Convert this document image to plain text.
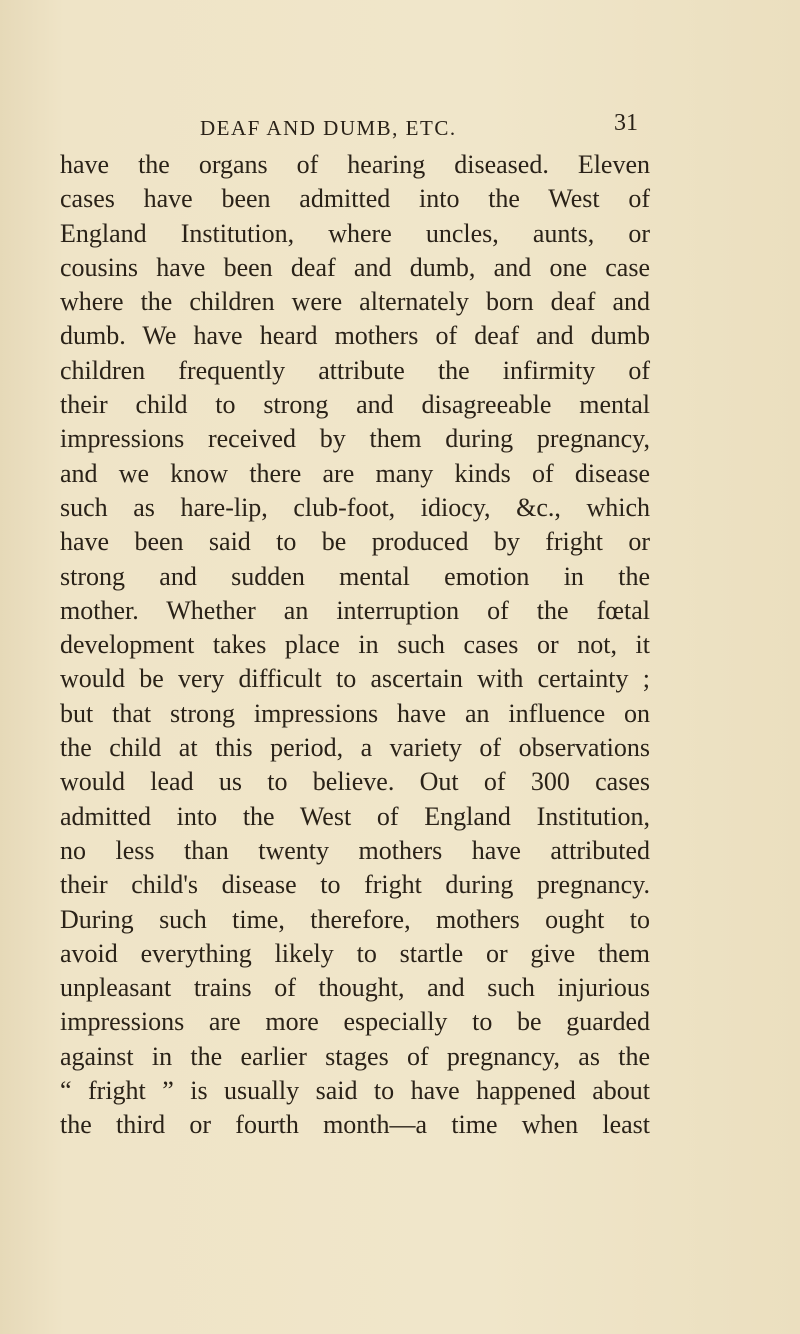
DEAF AND DUMB, ETC.	31
have the organs of hearing diseased. Eleven
cases have been admitted into the West of
England Institution, where uncles, aunts, or
cousins have been deaf and dumb, and one case
where the children were alternately born deaf and
dumb. We have heard mothers of deaf and dumb
children frequently attribute the infirmity of
their child to strong and disagreeable mental
impressions received by them during pregnancy,
and we know there are many kinds of disease
such as hare-lip, club-foot, idiocy, &c., which
have been said to be produced by fright or
strong and sudden mental emotion in the
mother. Whether an interruption of the fœtal
development takes place in such cases or not, it
would be very difficult to ascertain with certainty ;
but that strong impressions have an influence on
the child at this period, a variety of observations
would lead us to believe. Out of 300 cases
admitted into the West of England Institution,
no less than twenty mothers have attributed
their child's disease to fright during pregnancy.
During such time, therefore, mothers ought to
avoid everything likely to startle or give them
unpleasant trains of thought, and such injurious
impressions are more especially to be guarded
against in the earlier stages of pregnancy, as the
“ fright ” is usually said to have happened about
the third or fourth month—a time when least
